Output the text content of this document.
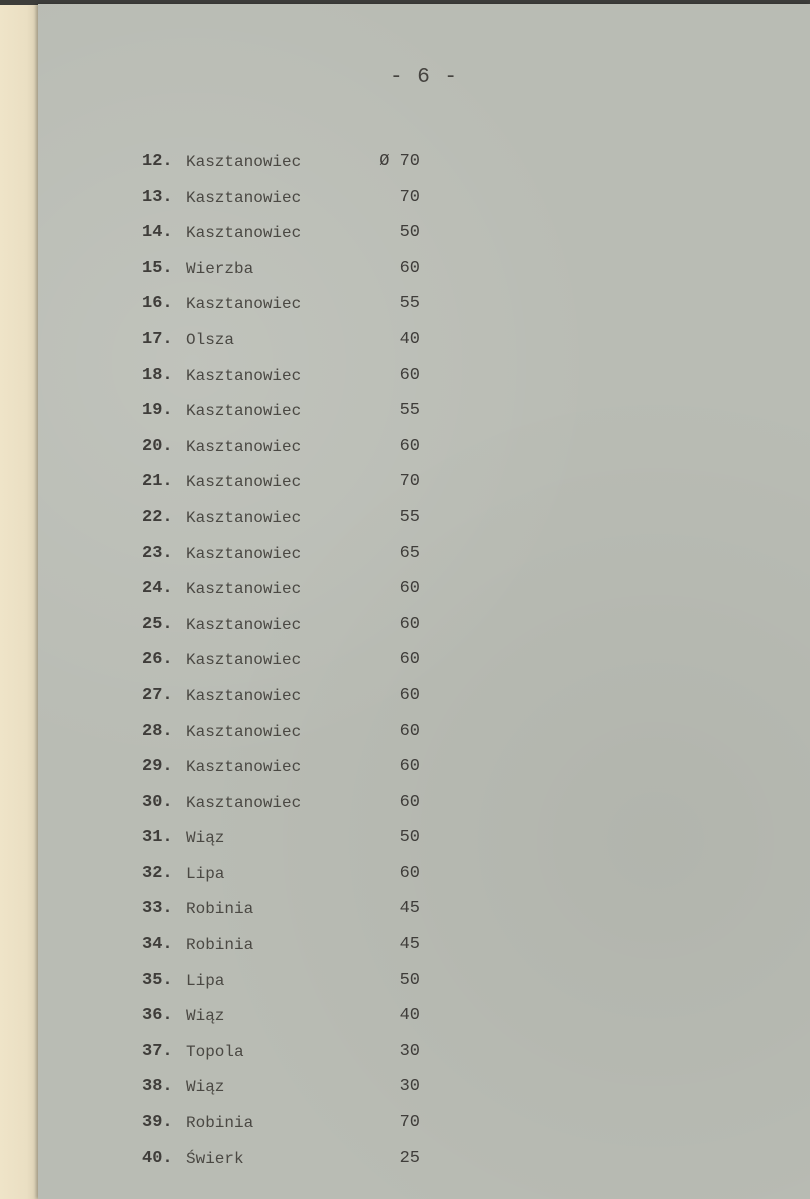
- 6 -
12. Kasztanowiec	Ø 70
13. Kasztanowiec	70
14. Kasztanowiec	50
15. Wierzba	60
16. Kasztanowiec	55
17. Olsza	40
18. Kasztanowiec	60
19. Kasztanowiec	55
20. Kasztanowiec	60
21. Kasztanowiec	70
22. Kasztanowiec	55
23. Kasztanowiec	65
24. Kasztanowiec	60
25. Kasztanowiec	60
26. Kasztanowiec	60
27. Kasztanowiec	60
28. Kasztanowiec	60
29. Kasztanowiec	60
30. Kasztanowiec	60
31. Wiąz	50
32. Lipa	60
33. Robinia	45
34. Robinia	45
35. Lipa	50
36. Wiąz	40
37. Topola	30
38. Wiąz	30
39. Robinia	70
40. Świerk	25
